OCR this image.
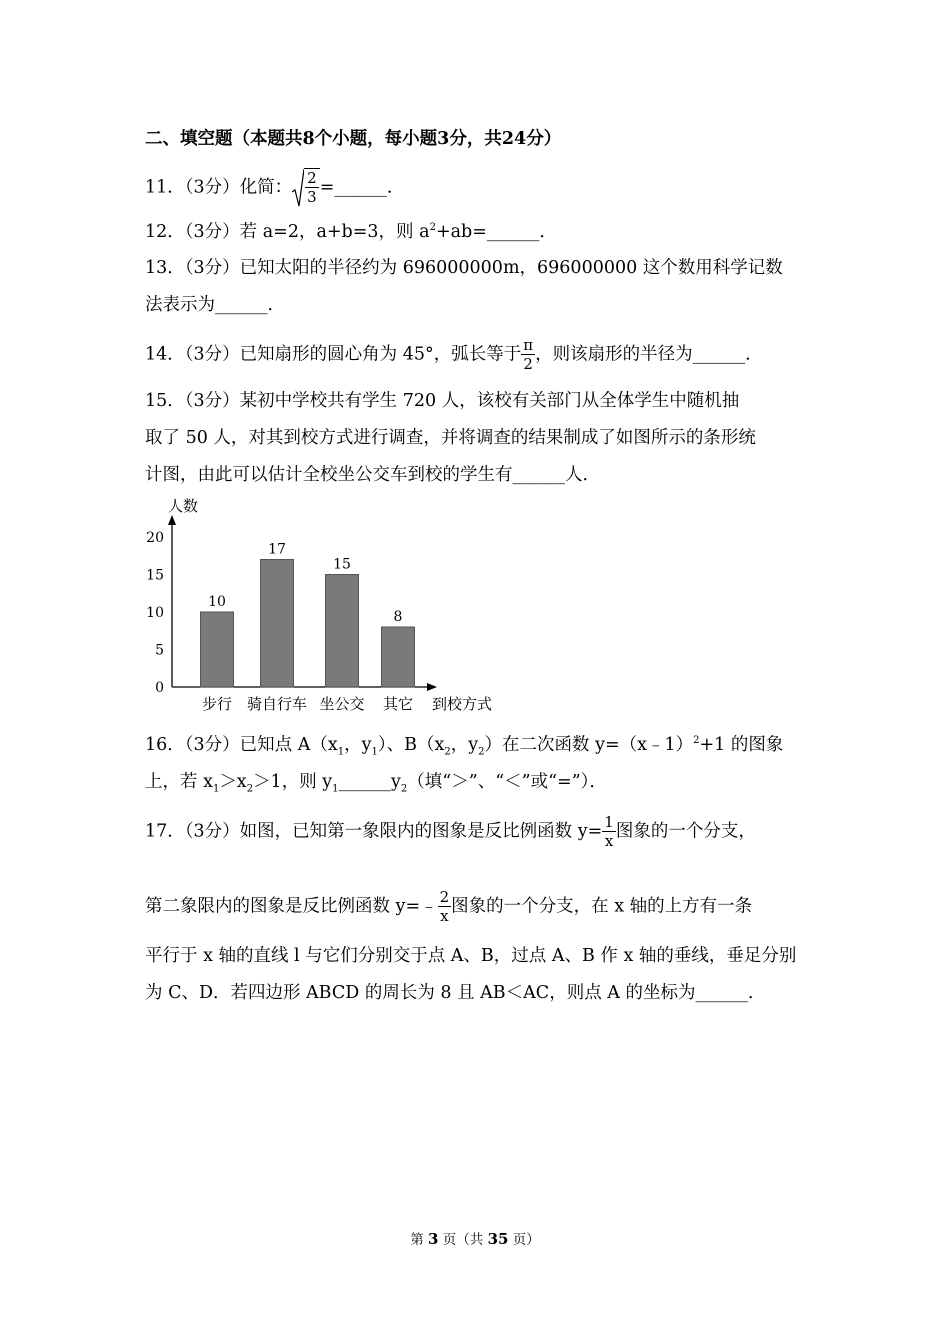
二、填空题（本题共8个小题，每小题3分，共24分）
11．（3分）化简： $\frac{2}{3}$ =______．
12．（3分）若 a=2，a+b=3，则 $a^2+ab=\_\_\_\_\_\_$．
13．（3分）已知太阳的半径约为 696000000m，696000000 这个数用科学记数
法表示为______．
14．（3分）已知扇形的圆心角为 45°，弧长等于 $\frac{\pi}{2}$ ，则该扇形的半径为______．
15．（3分）某初中学校共有学生 720 人，该校有关部门从全体学生中随机抽
取了 50 人，对其到校方式进行调查，并将调查的结果制成了如图所示的条形统
计图，由此可以估计全校坐公交车到校的学生有______人．
0
5
10
15
20
10
17
15
8
步行 骑自行车 坐公交 其它
人数
到校方式
16．（3分）已知点 $A(x_1$，$y_1$）、$B(x_2$，$y_2$）在二次函数 y=（x﹣1）$^2$+1 的图象
上，若 $x_1>x_2>1$，则 $y_1\_\_\_\_\_\_y_2$（填“＞”、“＜”或“=”）．
17．（3分）如图，已知第一象限内的图象是反比例函数 $y= \frac{1}{x}$ 图象的一个分支，
第二象限内的图象是反比例函数 y=﹣ $\frac{2}{x}$ 图象的一个分支，在 x 轴的上方有一条
平行于 x 轴的直线 l 与它们分别交于点 A、B，过点 A、B 作 x 轴的垂线，垂足分别
为 C、D．若四边形 ABCD 的周长为 8 且 AB＜AC，则点 A 的坐标为______．
第 3 页（共 35 页）
